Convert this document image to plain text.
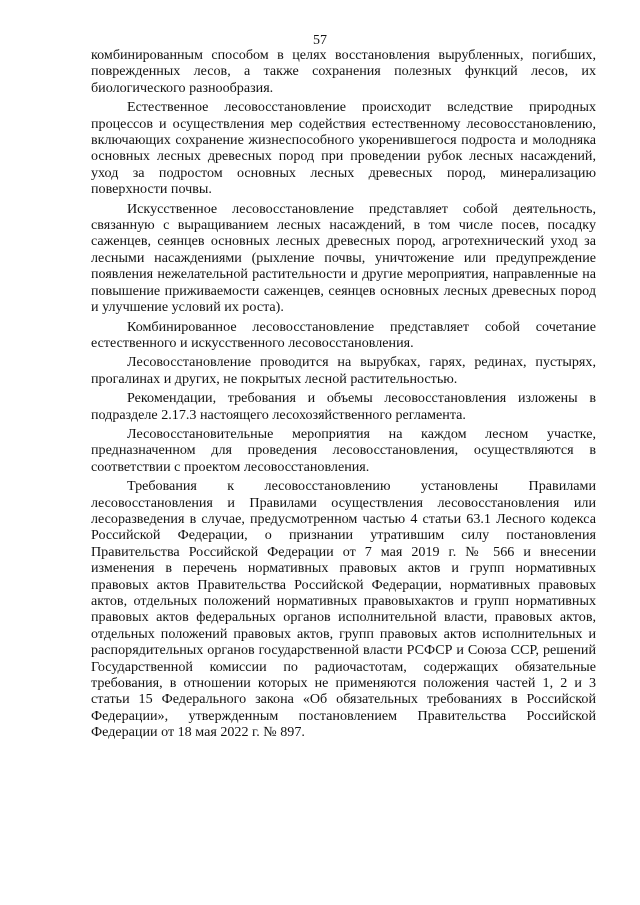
57

комбинированным способом в целях восстановления вырубленных, погибших, поврежденных лесов, а также сохранения полезных функций лесов, их биологического разнообразия.

Естественное лесовосстановление происходит вследствие природных процессов и осуществления мер содействия естественному лесовосстановлению, включающих сохранение жизнеспособного укоренившегося подроста и молодняка основных лесных древесных пород при проведении рубок лесных насаждений, уход за подростом основных лесных древесных пород, минерализацию поверхности почвы.

Искусственное лесовосстановление представляет собой деятельность, связанную с выращиванием лесных насаждений, в том числе посев, посадку саженцев, сеянцев основных лесных древесных пород, агротехнический уход за лесными насаждениями (рыхление почвы, уничтожение или предупреждение появления нежелательной растительности и другие мероприятия, направленные на повышение приживаемости саженцев, сеянцев основных лесных древесных пород и улучшение условий их роста).

Комбинированное лесовосстановление представляет собой сочетание естественного и искусственного лесовосстановления.

Лесовосстановление проводится на вырубках, гарях, рединах, пустырях, прогалинах и других, не покрытых лесной растительностью.

Рекомендации, требования и объемы лесовосстановления изложены в подразделе 2.17.3 настоящего лесохозяйственного регламента.

Лесовосстановительные мероприятия на каждом лесном участке, предназначенном для проведения лесовосстановления, осуществляются в соответствии с проектом лесовосстановления.

Требования к лесовосстановлению установлены Правилами лесовосстановления и Правилами осуществления лесовосстановления или лесоразведения в случае, предусмотренном частью 4 статьи 63.1 Лесного кодекса Российской Федерации, о признании утратившим силу постановления Правительства Российской Федерации от 7 мая 2019 г. № 566 и внесении изменения в перечень нормативных правовых актов и групп нормативных правовых актов Правительства Российской Федерации, нормативных правовых актов, отдельных положений нормативных правовыхактов и групп нормативных правовых актов федеральных органов исполнительной власти, правовых актов, отдельных положений правовых актов, групп правовых актов исполнительных и распорядительных органов государственной власти РСФСР и Союза ССР, решений Государственной комиссии по радиочастотам, содержащих обязательные требования, в отношении которых не применяются положения частей 1, 2 и 3 статьи 15 Федерального закона «Об обязательных требованиях в Российской Федерации», утвержденным постановлением Правительства Российской Федерации от 18 мая 2022 г. № 897.
